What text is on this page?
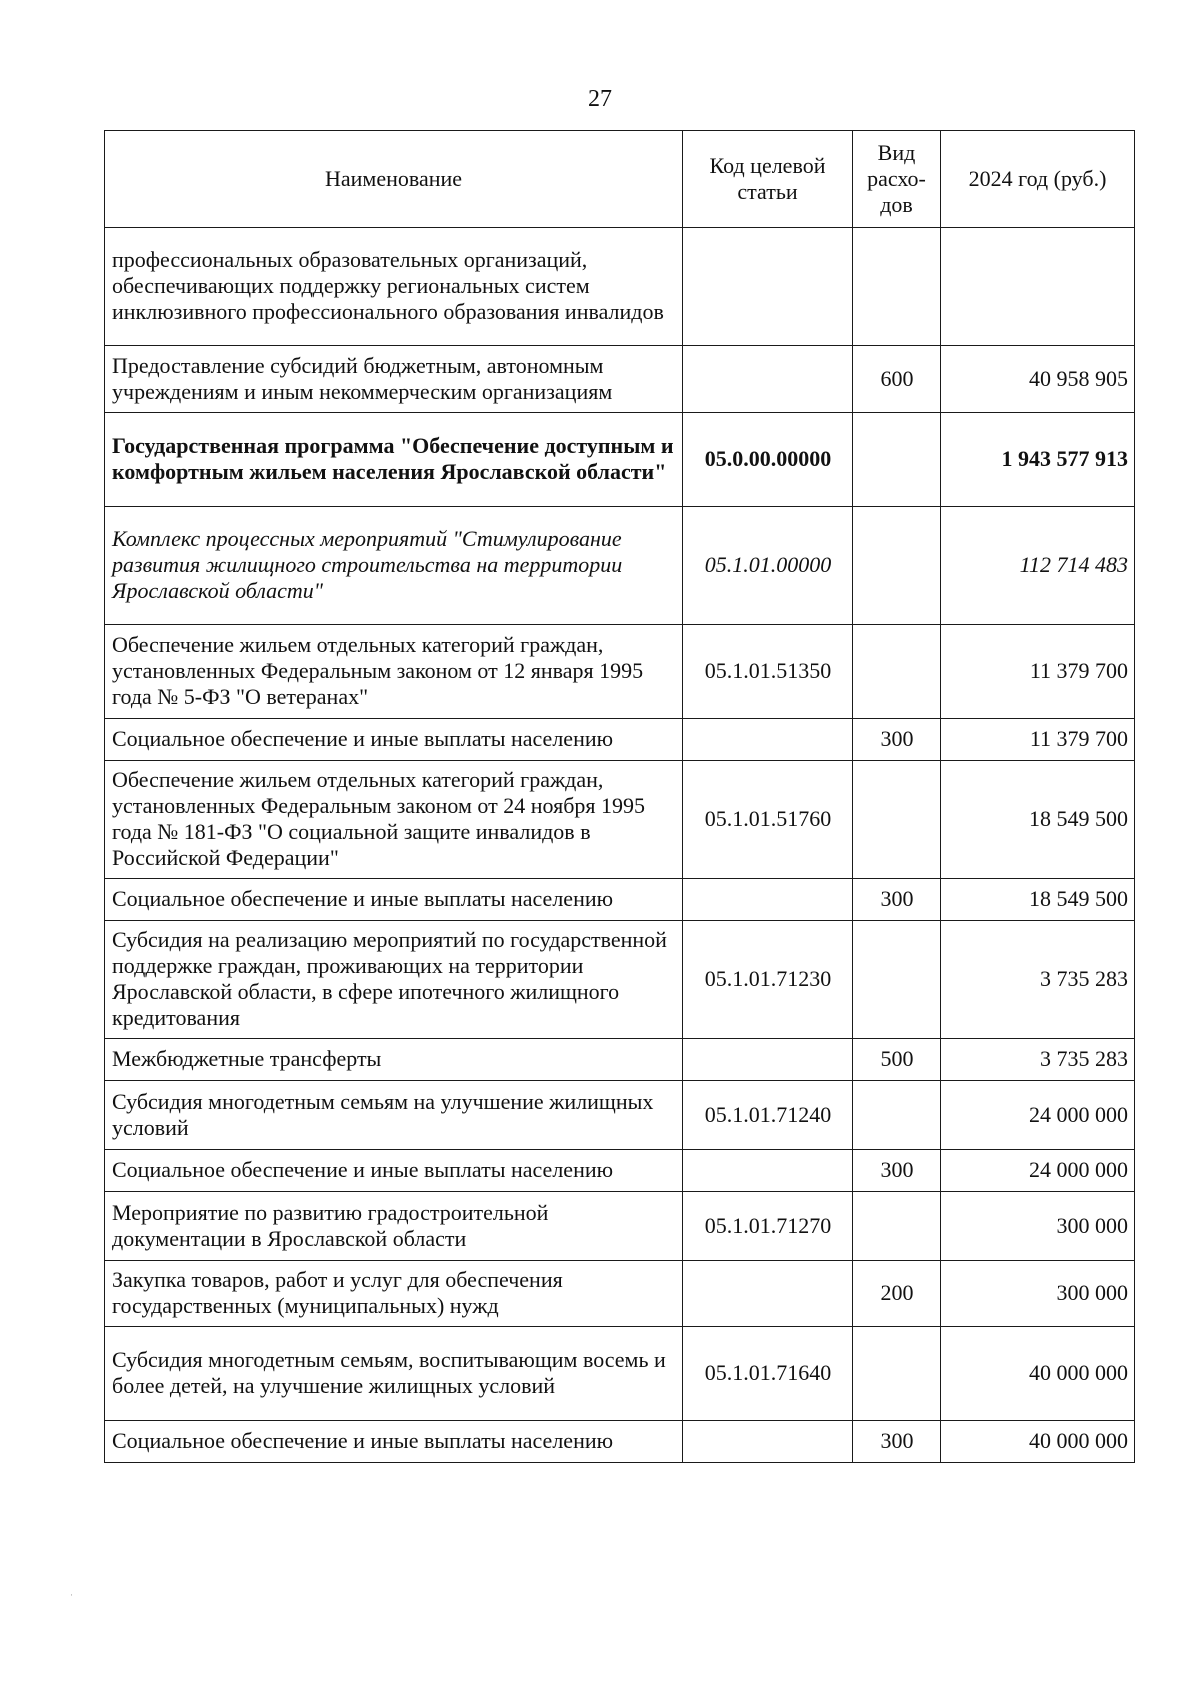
27
Наименование	Код целевой статьи	Вид расхо-дов	2024 год (руб.)
профессиональных образовательных организаций, обеспечивающих поддержку региональных систем инклюзивного профессионального образования инвалидов			
Предоставление субсидий бюджетным, автономным учреждениям и иным некоммерческим организациям		600	40 958 905
Государственная программа "Обеспечение доступным и комфортным жильем населения Ярославской области"	05.0.00.00000		1 943 577 913
Комплекс процессных мероприятий "Стимулирование развития жилищного строительства на территории Ярославской области"	05.1.01.00000		112 714 483
Обеспечение жильем отдельных категорий граждан, установленных Федеральным законом от 12 января 1995 года № 5-ФЗ "О ветеранах"	05.1.01.51350		11 379 700
Социальное обеспечение и иные выплаты населению		300	11 379 700
Обеспечение жильем отдельных категорий граждан, установленных Федеральным законом от 24 ноября 1995 года № 181-ФЗ "О социальной защите инвалидов в Российской Федерации"	05.1.01.51760		18 549 500
Социальное обеспечение и иные выплаты населению		300	18 549 500
Субсидия на реализацию мероприятий по государственной поддержке граждан, проживающих на территории Ярославской области, в сфере ипотечного жилищного кредитования	05.1.01.71230		3 735 283
Межбюджетные трансферты		500	3 735 283
Субсидия многодетным семьям на улучшение жилищных условий	05.1.01.71240		24 000 000
Социальное обеспечение и иные выплаты населению		300	24 000 000
Мероприятие по развитию градостроительной документации в Ярославской области	05.1.01.71270		300 000
Закупка товаров, работ и услуг для обеспечения государственных (муниципальных) нужд		200	300 000
Субсидия многодетным семьям, воспитывающим восемь и более детей, на улучшение жилищных условий	05.1.01.71640		40 000 000
Социальное обеспечение и иные выплаты населению		300	40 000 000
·
